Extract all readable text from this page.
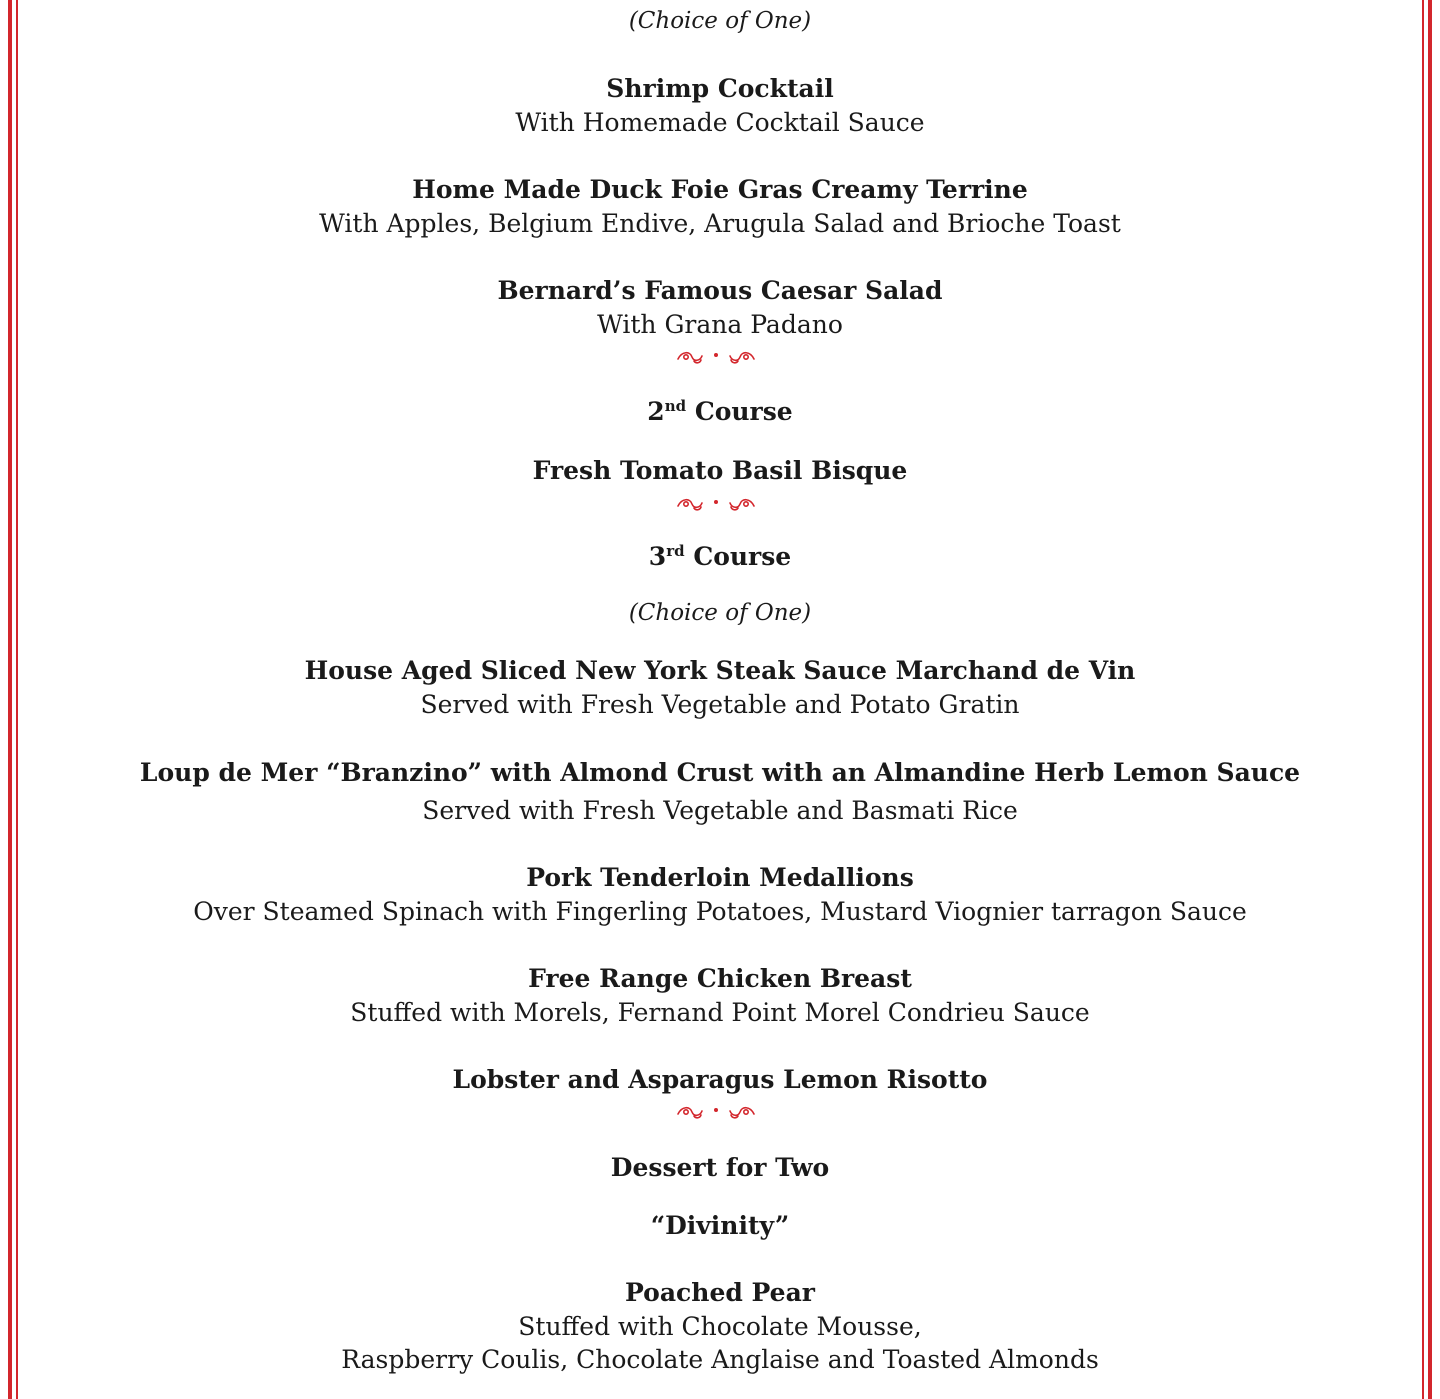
(Choice of One)
Shrimp Cocktail
With Homemade Cocktail Sauce
Home Made Duck Foie Gras Creamy Terrine
With Apples, Belgium Endive, Arugula Salad and Brioche Toast
Bernard’s Famous Caesar Salad
With Grana Padano
2nd Course
Fresh Tomato Basil Bisque
3rd Course
(Choice of One)
House Aged Sliced New York Steak Sauce Marchand de Vin
Served with Fresh Vegetable and Potato Gratin
Loup de Mer “Branzino” with Almond Crust with an Almandine Herb Lemon Sauce
Served with Fresh Vegetable and Basmati Rice
Pork Tenderloin Medallions
Over Steamed Spinach with Fingerling Potatoes, Mustard Viognier tarragon Sauce
Free Range Chicken Breast
Stuffed with Morels, Fernand Point Morel Condrieu Sauce
Lobster and Asparagus Lemon Risotto
Dessert for Two
“Divinity”
Poached Pear
Stuffed with Chocolate Mousse,
Raspberry Coulis, Chocolate Anglaise and Toasted Almonds
